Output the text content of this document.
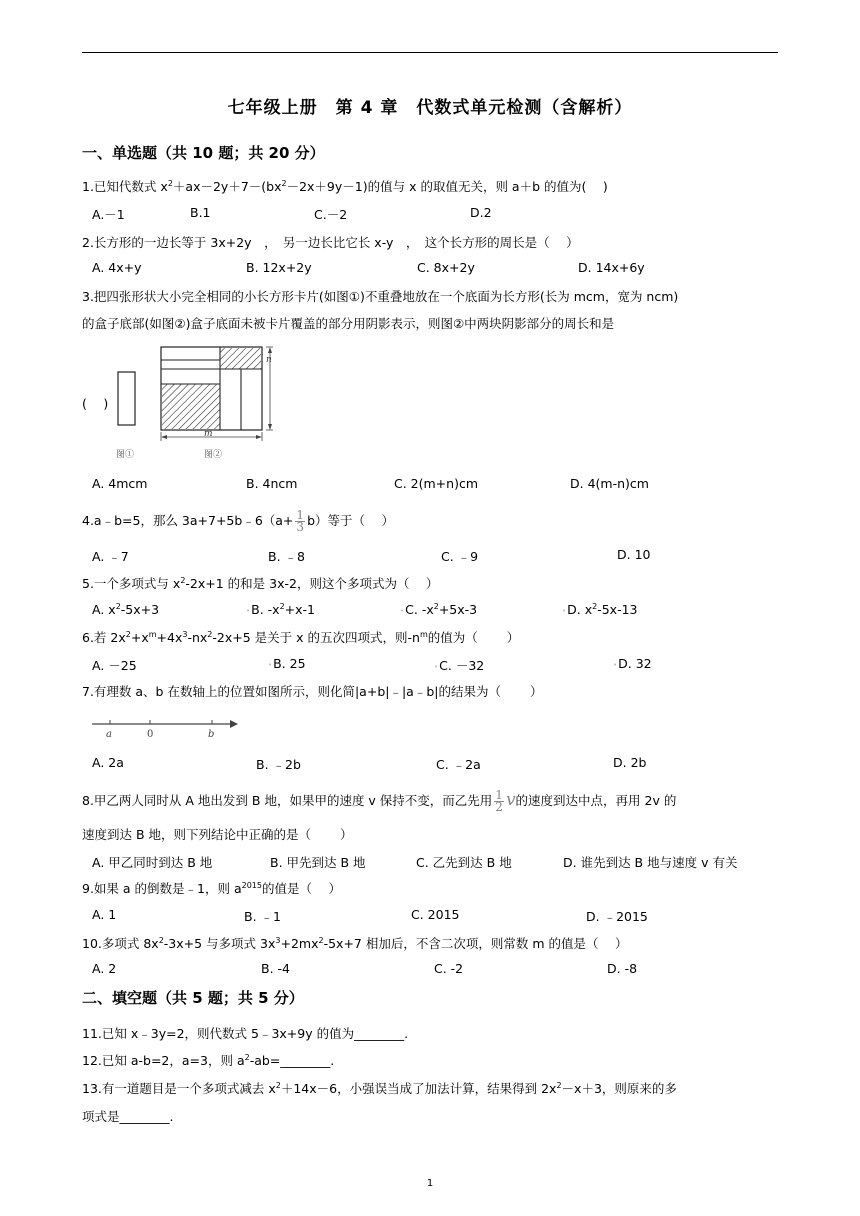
七年级上册　第 4 章　代数式单元检测（含解析）
一、单选题（共 10 题；共 20 分）
1.已知代数式 $x^2+ax-2y+7-(bx^2-2x+9y-1)$的值与 x 的取值无关，则 a＋b 的值为(　 )
A.－1	B.1	C.－2	D.2
2.长方形的一边长等于 3x+2y　，　另一边长比它长 x-y　，　这个长方形的周长是（　 ）
A. 4x+y	B. 12x+2y	C. 8x+2y	D. 14x+6y
3.把四张形状大小完全相同的小长方形卡片(如图①)不重叠地放在一个底面为长方形(长为 mcm，宽为 ncm)
的盒子底部(如图②)盒子底面未被卡片覆盖的部分用阴影表示，则图②中两块阴影部分的周长和是
(　 )
n
m
图①	图②
A. 4mcm	B. 4ncm	C. 2(m+n)cm	D. 4(m-n)cm
4.a﹣b=5，那么 3a+7+5b﹣6（a+ $\frac{1}{3} b$）等于（　 ）
A. ﹣7	B. ﹣8	C. ﹣9	D. 10
5.一个多项式与 $x^2-2x+1$ 的和是 3x-2，则这个多项式为（　 ）
A. $x^2-5x+3$	•B. $-x^2+x-1$	•C. $-x^2+5x-3$	•D. $x^2-5x-13$
6.若 $2x^2+x^m+4x^3-nx^2-2x+5$ 是关于 x 的五次四项式，则$-n^m$的值为（　　 ）
A. －25	•B. 25	•C. －32	•D. 32
7.有理数 a、b 在数轴上的位置如图所示，则化简|a+b|﹣|a﹣b|的结果为（　　 ）
a	0	b
A. 2a	B. ﹣2b	C. ﹣2a	D. 2b
8.甲乙两人同时从 A 地出发到 B 地，如果甲的速度 v 保持不变，而乙先用 $\frac{1}{2}$ v的速度到达中点，再用 2v 的
速度到达 B 地，则下列结论中正确的是（　　 ）
A. 甲乙同时到达 B 地	B. 甲先到达 B 地	C. 乙先到达 B 地	D. 谁先到达 B 地与速度 v 有关
9.如果 a 的倒数是﹣1，则 $a^{2015}$的值是（　 ）
A. 1	B. ﹣1	C. 2015	D. ﹣2015
10.多项式 $8x^2-3x+5$ 与多项式 $3x^3+2mx^2-5x+7$ 相加后，不含二次项，则常数 m 的值是（　 ）
A. 2	B. -4	C. -2	D. -8
二、填空题（共 5 题；共 5 分）
11.已知 x﹣3y=2，则代数式 5﹣3x+9y 的值为________.
12.已知 a-b=2，a=3，则 $a^2-ab=\_\_\_\_\_\_\_\_$.
13.有一道题目是一个多项式减去 $x^2+14x-6$，小强误当成了加法计算，结果得到 $2x^2-x+3$，则原来的多
项式是________.
1
